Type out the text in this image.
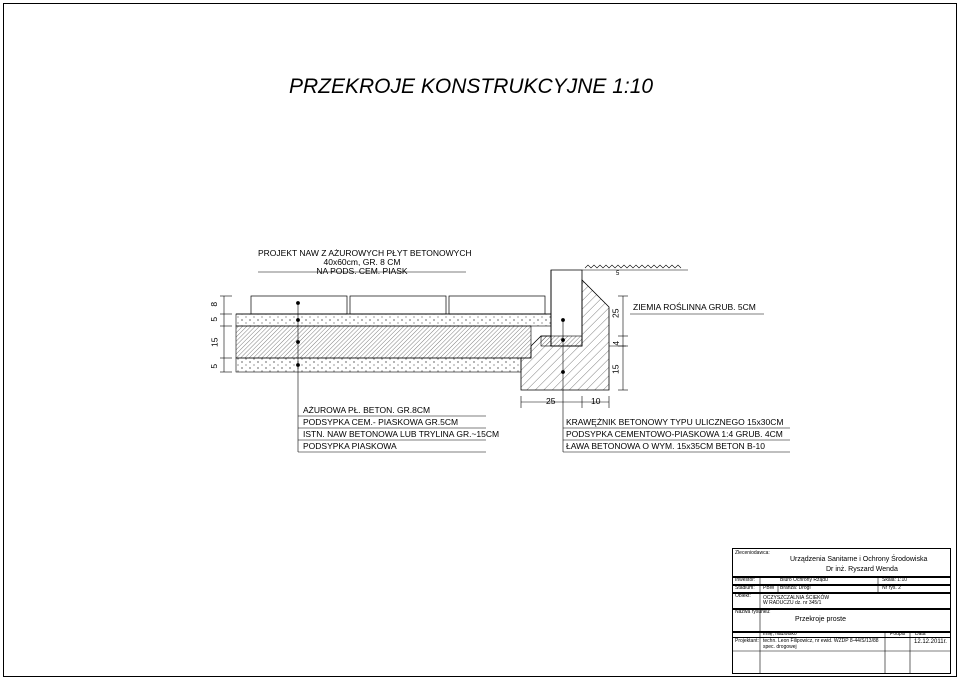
PRZEKROJE KONSTRUKCYJNE 1:10
PROJEKT NAW Z AŻUROWYCH PŁYT BETONOWYCH
40x60cm, GR. 8 CM
NA PODS. CEM. PIASK
8
5
15
5
25
4
15
5
25	10
ZIEMIA ROŚLINNA GRUB. 5CM
AŻUROWA PŁ. BETON. GR.8CM
PODSYPKA CEM.- PIASKOWA GR.5CM
ISTN. NAW BETONOWA LUB TRYLINA GR.~15CM
PODSYPKA PIASKOWA
KRAWĘŻNIK BETONOWY TYPU ULICZNEGO 15x30CM
PODSYPKA CEMENTOWO-PIASKOWA 1:4 GRUB. 4CM
ŁAWA BETONOWA O WYM. 15x35CM BETON B-10
Zleceniodawca:
Urządzenia Sanitarne i Ochrony Środowiska
Dr inż. Ryszard Wenda
Inwestor:	Biuro Ochrony Rządu	Skala: 1:10
Stadium: PBW Branża: Drogi	Nr rys. 2
Obiekt: OCZYSZCZALNIA ŚCIEKÓW
W RADUCZU dz. nr 345/1
Nazwa rysunku:
Przekroje proste
Imię, Nazwisko	Podpis Data
Projektant: techn. Leon Filipowicz, nr ewid. WZDP 8-44/S/13/88
spec. drogowej
12.12.2011r.
